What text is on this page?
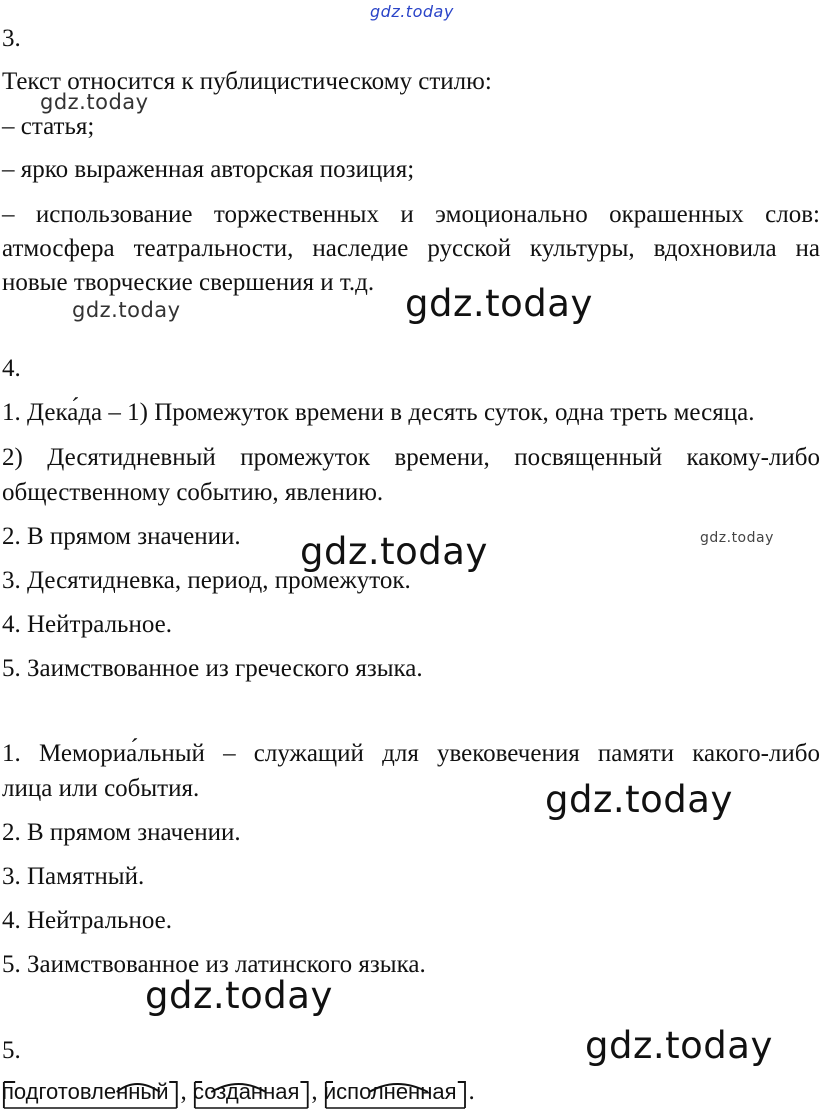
gdz.today
gdz.today
gdz.today	gdz.today
gdz.today	gdz.today
gdz.today
gdz.today
gdz.today
3.
Текст относится к публицистическому стилю:
– статья;
– ярко выраженная авторская позиция;
– использование торжественных и эмоционально окрашенных слов:
атмосфера театральности, наследие русской культуры, вдохновила на
новые творческие свершения и т.д.
4.
1. Дека́да – 1) Промежуток времени в десять суток, одна треть месяца.
2) Десятидневный промежуток времени, посвященный какому-либо
общественному событию, явлению.
2. В прямом значении.
3. Десятидневка, период, промежуток.
4. Нейтральное.
5. Заимствованное из греческого языка.
1. Мемориа́льный – служащий для увековечения памяти какого-либо
лица или события.
2. В прямом значении.
3. Памятный.
4. Нейтральное.
5. Заимствованное из латинского языка.
5.
подготовленный , созданная , исполненная .
